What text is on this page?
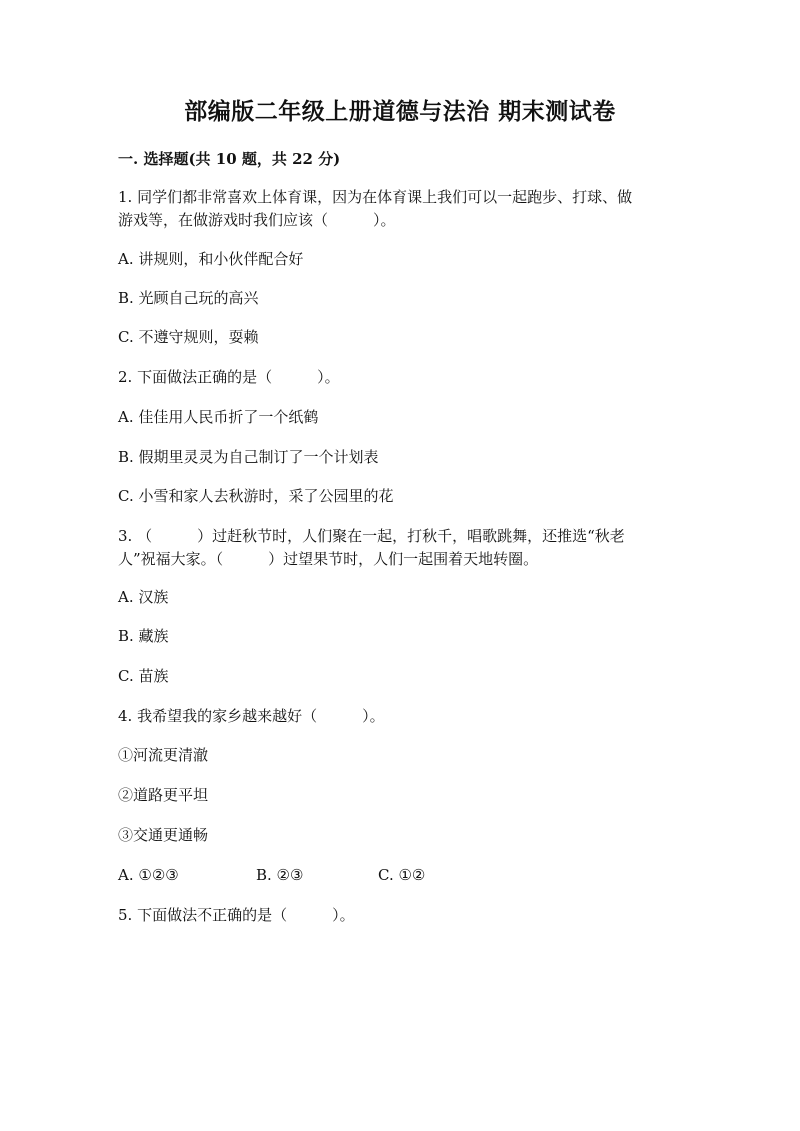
部编版二年级上册道德与法治 期末测试卷
一. 选择题(共 10 题，共 22 分)
1. 同学们都非常喜欢上体育课，因为在体育课上我们可以一起跑步、打球、做
游戏等，在做游戏时我们应该（　　　）。
A. 讲规则，和小伙伴配合好
B. 光顾自己玩的高兴
C. 不遵守规则，耍赖
2. 下面做法正确的是（　　　）。
A. 佳佳用人民币折了一个纸鹤
B. 假期里灵灵为自己制订了一个计划表
C. 小雪和家人去秋游时，采了公园里的花
3. （　　　）过赶秋节时，人们聚在一起，打秋千，唱歌跳舞，还推选“秋老
人”祝福大家。（　　　）过望果节时，人们一起围着天地转圈。
A. 汉族
B. 藏族
C. 苗族
4. 我希望我的家乡越来越好（　　　）。
①河流更清澈
②道路更平坦
③交通更通畅
A. ①②③	B. ②③	C. ①②
5. 下面做法不正确的是（　　　）。
